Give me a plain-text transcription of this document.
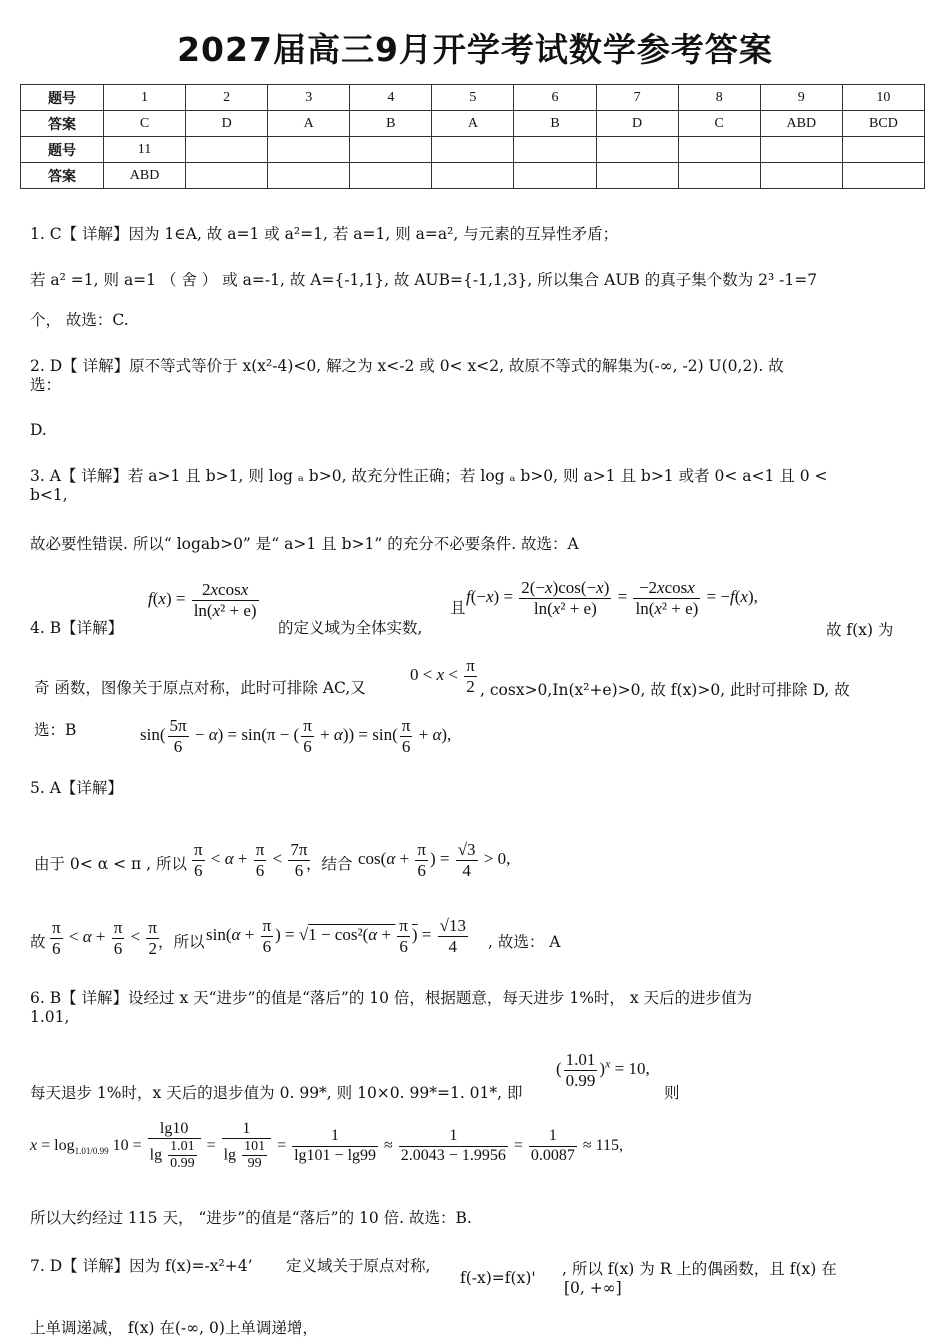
2027届高三9月开学考试数学参考答案
题号	1	2	3	4	5	6	7	8	9	10
答案	C	D	A	B	A	B	D	C	ABD	BCD
题号	11									
答案	ABD									
1. C【 详解】因为 1∈A, 故 a=1 或 a²=1, 若 a=1, 则 a=a², 与元素的互异性矛盾；
若 a² =1, 则 a=1 （ 舍 ） 或 a=-1, 故 A={-1,1}, 故 AUB={-1,1,3}, 所以集合 AUB 的真子集个数为 2³ -1=7
个， 故选：C.
2. D【 详解】原不等式等价于 x(x²-4)<0, 解之为 x<-2 或 0< x<2, 故原不等式的解集为(-∞, -2) U(0,2). 故
选：
D.
3. A【 详解】若 a>1 且 b>1, 则 log ₐ b>0, 故充分性正确；若 log ₐ b>0, 则 a>1 且 b>1 或者 0< a<1 且 0 <
b<1,
故必要性错误. 所以“ logab>0” 是“ a>1 且 b>1” 的充分不必要条件. 故选：A
4. B【详解】
$f(x) = \frac{2xcosx}{\text{ln(x² + e)}}$
的定义域为全体实数,
且
$f(-x) = \frac{2(-x)\cos(-x)}{\text{ln(x² + e)}} = \frac{-2xcosx}{\text{ln(x² + e)}} = -f(x)$,
故 f(x) 为
奇 函数，图像关于原点对称，此时可排除 AC,又
$0 < x < \frac{\pi}{2}$ , cosx>0,In(x²+e)>0, 故 f(x)>0, 此时可排除 D, 故
选：B	$\sin( \frac{5\pi}{6} - \alpha) = \sin(\pi$ − ( $\frac{\pi}{6} + \alpha)) = \sin( \frac{\pi}{6} + \alpha)$,
5. A【详解】
由于 0< α < π , 所以 $\frac{\pi}{6} < \alpha + \frac{\pi}{6} < \frac{7\pi}{6}$
，结合 $\cos(\alpha + \frac{\pi}{6}$ ) = $\frac{√3}{4} > 0$,
故 $\frac{\pi}{6} < \alpha + \frac{\pi}{6} < \frac{\pi}{2}$ ，所以 $\sin(\alpha + \frac{\pi}{6}$ ) = $√1 - \cos^2(\alpha + \frac{\pi}{6}$ ) = $\frac{√13}{4}$ , 故选： A
6. B【 详解】设经过 x 天“进步”的值是“落后”的 10 倍，根据题意，每天进步 1%时， x 天后的进步值为
1.01,
每天退步 1%时，x 天后的退步值为 0. 99*, 则 10×0. 99*=1. 01*, 即
( $\frac{1.01}{0.99} )^x = 10$,
则
$x = \log_{1.01/0.99} 10 = \frac{\lg 10}{\lg \frac{1.01}{0.99}} = \frac{1}{\lg \frac{101}{99}} = \frac{1}{\lg 101 - \lg 99} \approx \frac{1}{2.0043 - 1.9956} = \frac{1}{0.0087} \approx 115$,
所以大约经过 115 天， “进步”的值是“落后”的 10 倍. 故选：B.
7. D【 详解】因为 f(x)=-x²+4’ 定义域关于原点对称,
f(-x)=f(x)' , 所以 f(x) 为 R 上的偶函数，且 f(x) 在
[0, +∞]
上单调递减， f(x) 在(-∞, 0)上单调递增，
